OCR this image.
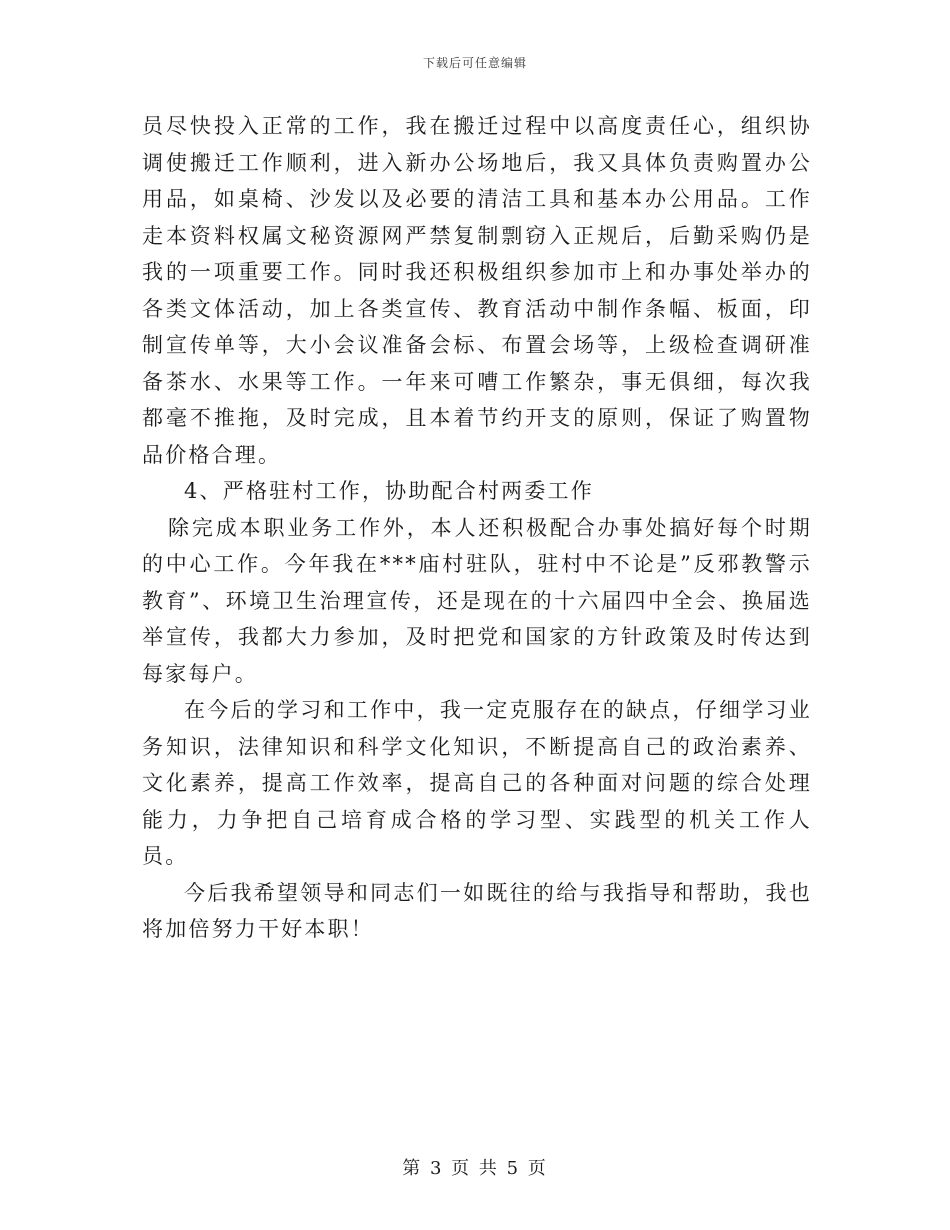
下载后可任意编辑

员尽快投入正常的工作，我在搬迁过程中以高度责任心，组织协调使搬迁工作顺利，进入新办公场地后，我又具体负责购置办公用品，如桌椅、沙发以及必要的清洁工具和基本办公用品。工作走本资料权属文秘资源网严禁复制剽窃入正规后，后勤采购仍是我的一项重要工作。同时我还积极组织参加市上和办事处举办的各类文体活动，加上各类宣传、教育活动中制作条幅、板面，印制宣传单等，大小会议准备会标、布置会场等，上级检查调研准备茶水、水果等工作。一年来可嘈工作繁杂，事无俱细，每次我都毫不推拖，及时完成，且本着节约开支的原则，保证了购置物品价格合理。

4、严格驻村工作，协助配合村两委工作

除完成本职业务工作外，本人还积极配合办事处搞好每个时期的中心工作。今年我在***庙村驻队，驻村中不论是”反邪教警示教育”、环境卫生治理宣传，还是现在的十六届四中全会、换届选举宣传，我都大力参加，及时把党和国家的方针政策及时传达到每家每户。

在今后的学习和工作中，我一定克服存在的缺点，仔细学习业务知识，法律知识和科学文化知识，不断提高自己的政治素养、文化素养，提高工作效率，提高自己的各种面对问题的综合处理能力，力争把自己培育成合格的学习型、实践型的机关工作人员。

今后我希望领导和同志们一如既往的给与我指导和帮助，我也将加倍努力干好本职！

第 3 页 共 5 页
